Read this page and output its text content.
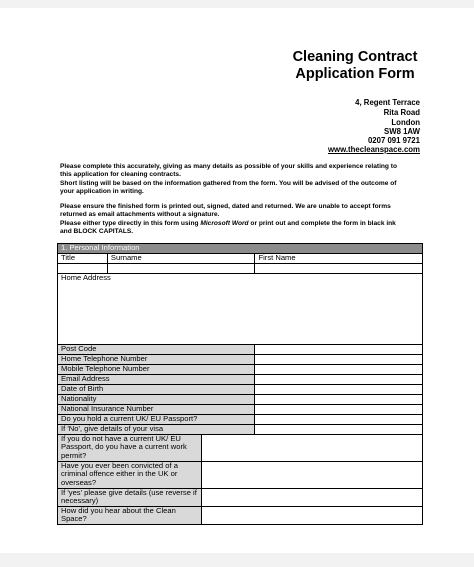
Cleaning Contract
Application Form
4, Regent Terrace
Rita Road
London
SW8 1AW
0207 091 9721
www.thecleanspace.com
Please complete this accurately, giving as many details as possible of your skills and experience relating to
this application for cleaning contracts.
Short listing will be based on the information gathered from the form. You will be advised of the outcome of
your application in writing.
Please ensure the finished form is printed out, signed, dated and returned. We are unable to accept forms
returned as email attachments without a signature.
Please either type directly in this form using Microsoft Word or print out and complete the form in black ink
and BLOCK CAPITALS.
1. Personal Information			
Title	Surname		First Name

Home Address			
Post Code			
Home Telephone Number			
Mobile Telephone Number			
Email Address			
Date of Birth			
Nationality			
National Insurance Number			
Do you hold a current UK/ EU Passport?			
If 'No', give details of your visa			

If you do not have a current UK/ EU
Passport, do you have a current work
permit?			

Have you ever been convicted of a
criminal offence either in the UK or
overseas?			

If 'yes' please give details (use reverse if
necessary)			

How did you hear about the Clean Space?			
